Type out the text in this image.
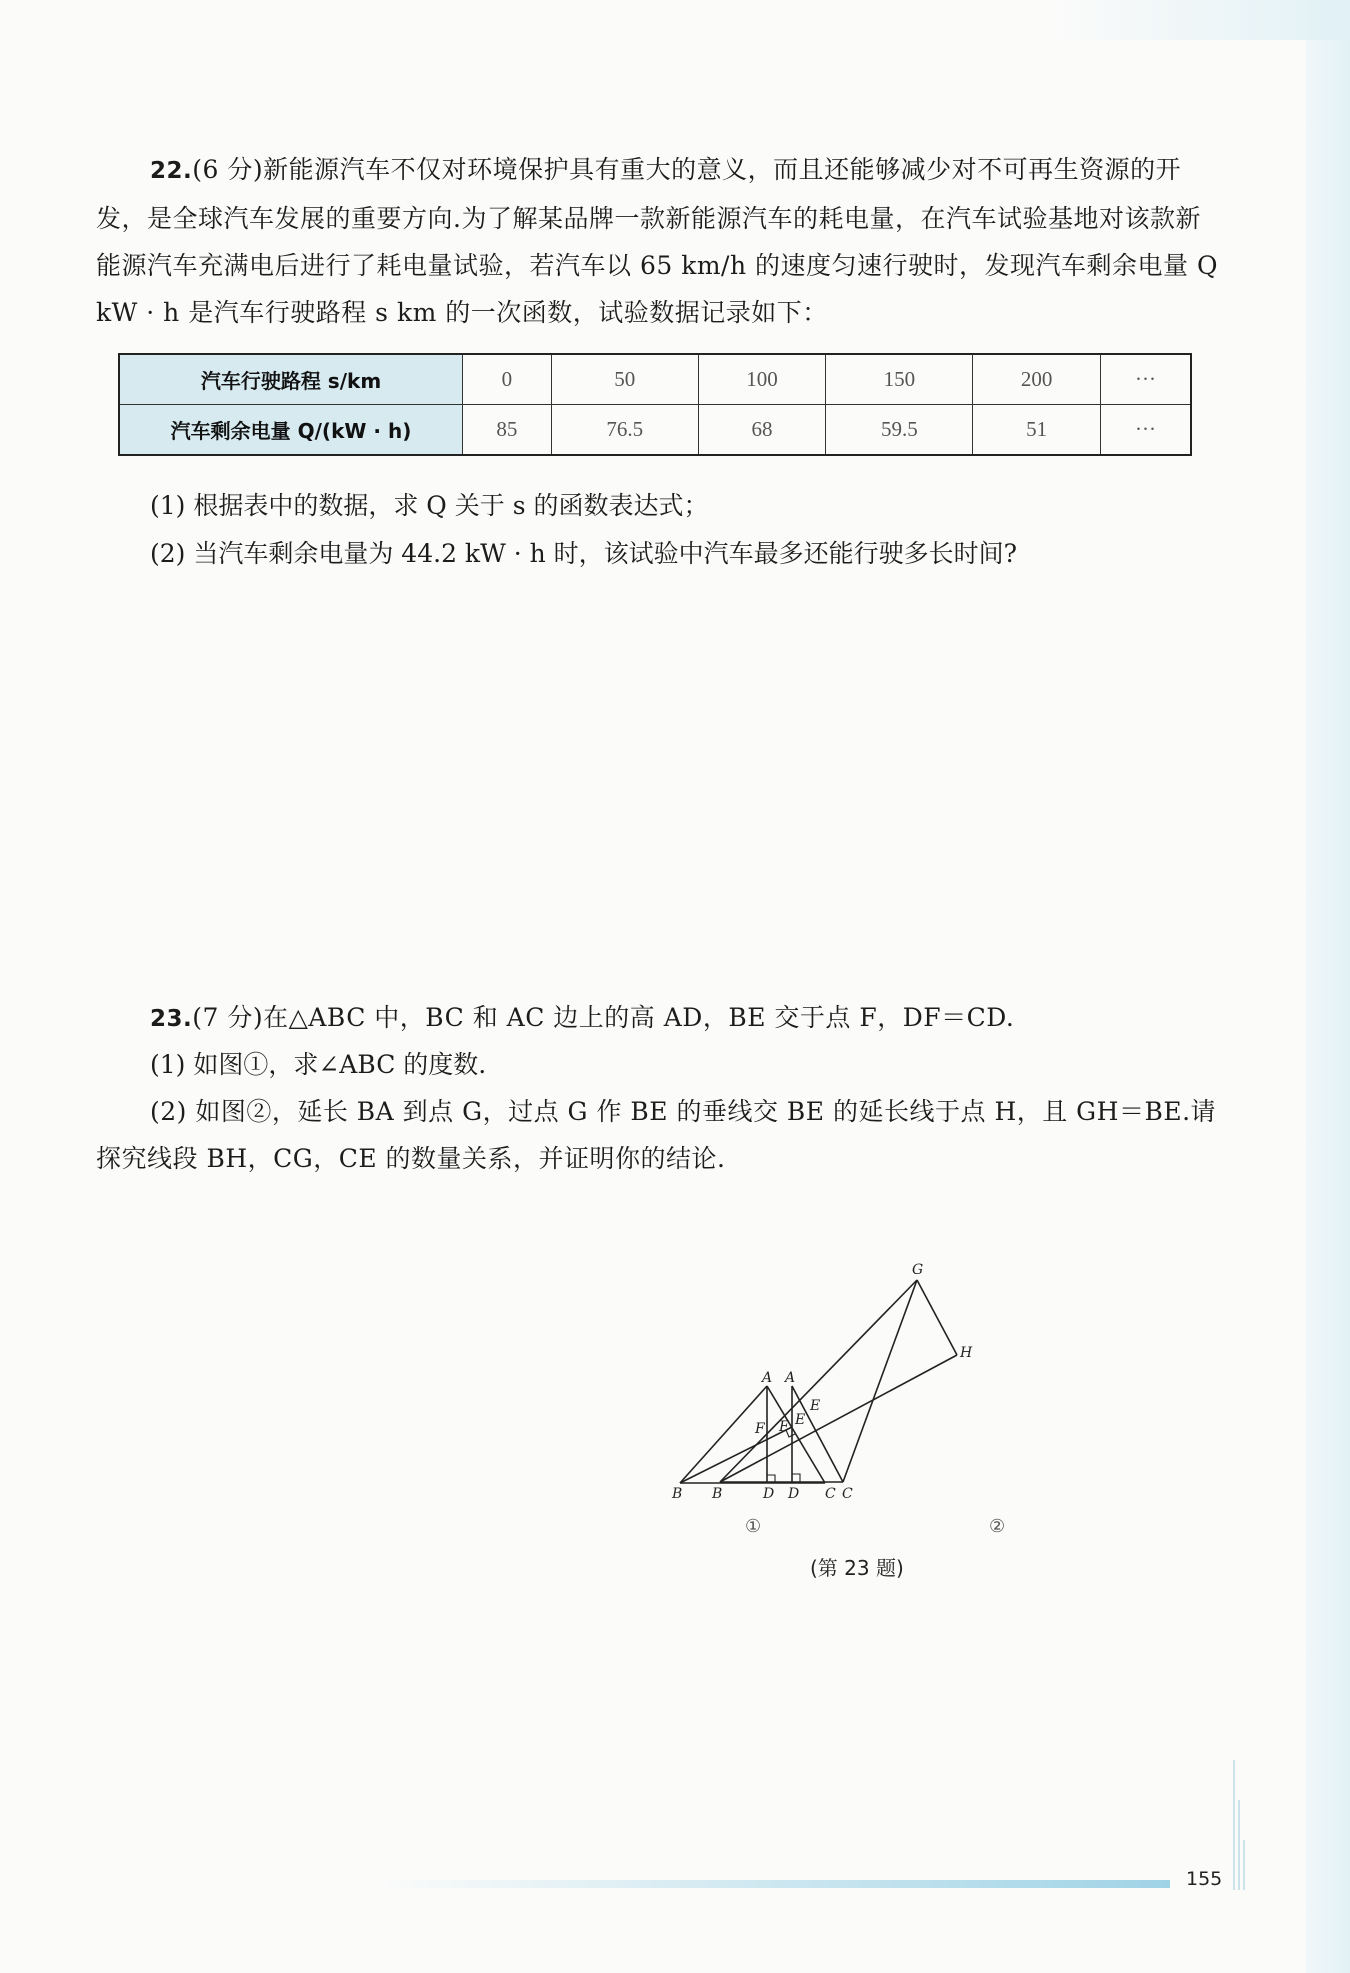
22.(6 分)新能源汽车不仅对环境保护具有重大的意义，而且还能够减少对不可再生资源的开发，是全球汽车发展的重要方向.为了解某品牌一款新能源汽车的耗电量，在汽车试验基地对该款新能源汽车充满电后进行了耗电量试验，若汽车以 65 km/h 的速度匀速行驶时，发现汽车剩余电量 Q kW · h 是汽车行驶路程 s km 的一次函数，试验数据记录如下：
汽车行驶路程 s/km	0	50	100	150	200	···
汽车剩余电量 Q/(kW · h)	85	76.5	68	59.5	51	···
(1) 根据表中的数据，求 Q 关于 s 的函数表达式；
(2) 当汽车剩余电量为 44.2 kW · h 时，该试验中汽车最多还能行驶多长时间?
23.(7 分)在△ABC 中，BC 和 AC 边上的高 AD，BE 交于点 F，DF＝CD.
(1) 如图①，求∠ABC 的度数.
(2) 如图②，延长 BA 到点 G，过点 G 作 BE 的垂线交 BE 的延长线于点 H，且 GH＝BE.请探究线段 BH，CG，CE 的数量关系，并证明你的结论.
A
B	C
D
E
F
A
B	C
D
E
F
G
H
①	②
(第 23 题)
155
